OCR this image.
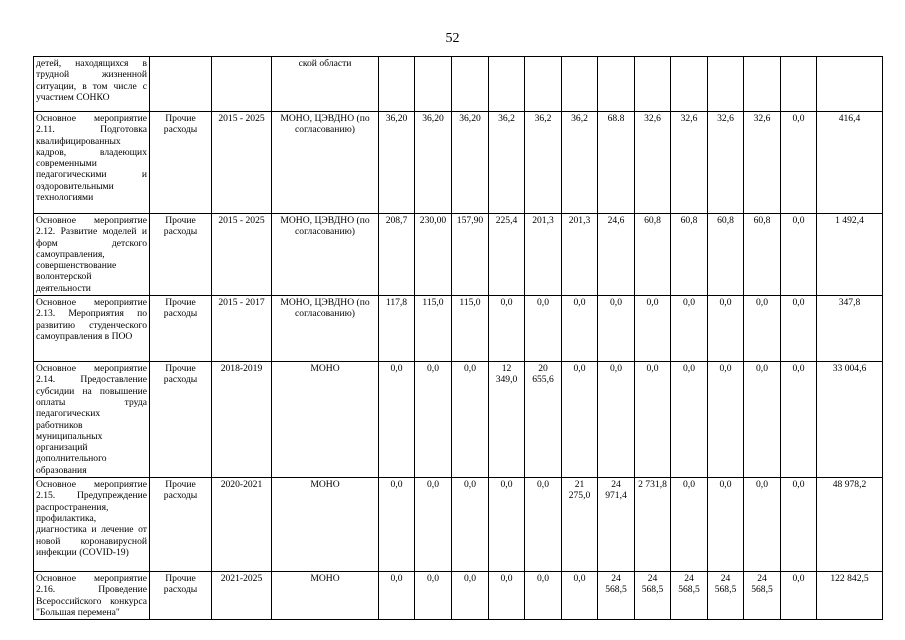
52
детей, находящихся в трудной жизненной ситуации, в том числе с участием СОНКО			ской области													
Основное мероприятие 2.11. Подготовка квалифицированных кадров, владеющих современными педагогическими и оздоровительными технологиями	Прочие расходы	2015 - 2025	МОНО, ЦЭВДНО (по согласованию)	36,20	36,20	36,20	36,2	36,2	36,2	68.8	32,6	32,6	32,6	32,6	0,0	416,4
Основное мероприятие 2.12. Развитие моделей и форм детского самоуправления, совершенствование волонтерской деятельности	Прочие расходы	2015 - 2025	МОНО, ЦЭВДНО (по согласованию)	208,7	230,00	157,90	225,4	201,3	201,3	24,6	60,8	60,8	60,8	60,8	0,0	1 492,4
Основное мероприятие 2.13. Мероприятия по развитию студенческого самоуправления в ПОО	Прочие расходы	2015 - 2017	МОНО, ЦЭВДНО (по согласованию)	117,8	115,0	115,0	0,0	0,0	0,0	0,0	0,0	0,0	0,0	0,0	0,0	347,8
Основное мероприятие 2.14. Предоставление субсидии на повышение оплаты труда педагогических работников муниципальных организаций дополнительного образования	Прочие расходы	2018-2019	МОНО	0,0	0,0	0,0	12 349,0	20 655,6	0,0	0,0	0,0	0,0	0,0	0,0	0,0	33 004,6
Основное мероприятие 2.15. Предупреждение распространения, профилактика, диагностика и лечение от новой коронавирусной инфекции (COVID-19)	Прочие расходы	2020-2021	МОНО	0,0	0,0	0,0	0,0	0,0	21 275,0	24 971,4	2 731,8	0,0	0,0	0,0	0,0	48 978,2
Основное мероприятие 2.16. Проведение Всероссийского конкурса "Большая перемена"	Прочие расходы	2021-2025	МОНО	0,0	0,0	0,0	0,0	0,0	0,0	24 568,5	24 568,5	24 568,5	24 568,5	24 568,5	0,0	122 842,5
